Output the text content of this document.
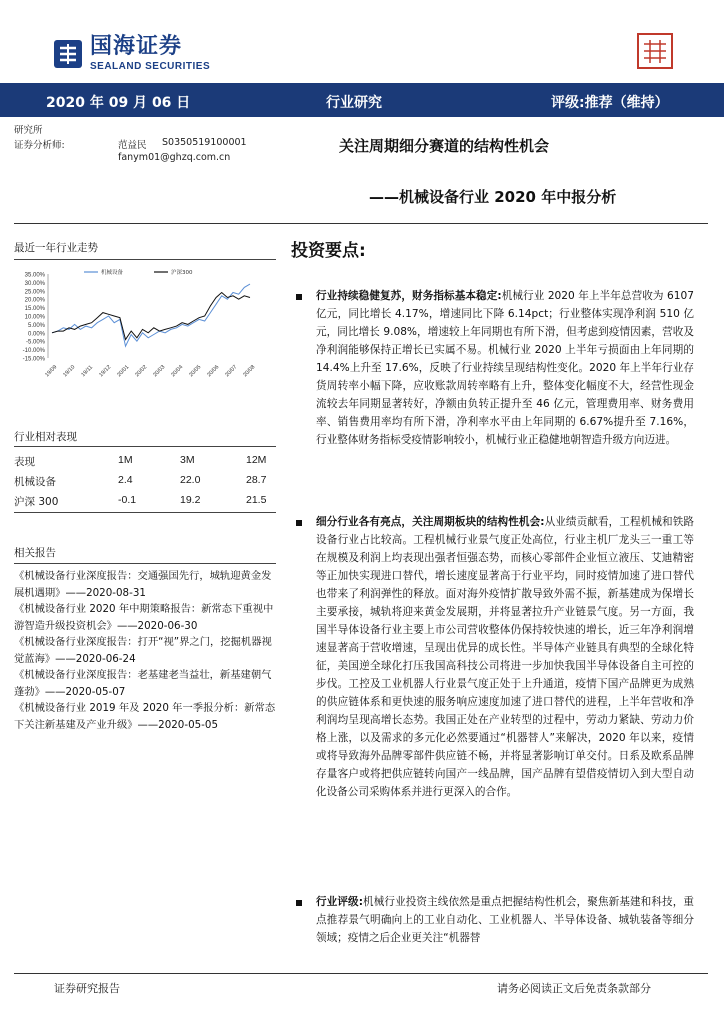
国海证券
SEALAND SECURITIES
2020 年 09 月 06 日	行业研究	评级:推荐（维持）
研究所
证券分析师:	范益民 S0350519100001
fanym01@ghzq.com.cn
关注周期细分赛道的结构性机会
——机械设备行业 2020 年中报分析
最近一年行业走势
35.00%
30.00%
25.00%
20.00%
15.00%
10.00%
5.00%
0.00%
-5.00%
-10.00%
-15.00%
19/09 19/10 19/11 19/12 20/01 20/02 20/03 20/04 20/05 20/06 20/07 20/08
机械设备	沪深300
行业相对表现
表现	1M	3M	12M
机械设备	2.4	22.0	28.7
沪深 300	-0.1	19.2	21.5
相关报告
《机械设备行业深度报告：交通强国先行，城轨迎黄金发展机遇期》——2020-08-31
《机械设备行业 2020 年中期策略报告：新常态下重视中游智造升级投资机会》——2020-06-30
《机械设备行业深度报告：打开“视”界之门，挖掘机器视觉蓝海》——2020-06-24
《机械设备行业深度报告：老基建老当益壮，新基建朝气蓬勃》——2020-05-07
《机械设备行业 2019 年及 2020 年一季报分析：新常态下关注新基建及产业升级》——2020-05-05
投资要点:
行业持续稳健复苏，财务指标基本稳定:机械行业 2020 年上半年总营收为 6107 亿元，同比增长 4.17%，增速同比下降 6.14pct；行业整体实现净利润 510 亿元，同比增长 9.08%，增速较上年同期也有所下滑，但考虑到疫情因素，营收及净利润能够保持正增长已实属不易。机械行业 2020 上半年亏损面由上年同期的 14.4%上升至 17.6%，反映了行业持续呈现结构性变化。2020 年上半年行业存货周转率小幅下降，应收账款周转率略有上升，整体变化幅度不大，经营性现金流较去年同期显著转好，净额由负转正提升至 46 亿元，管理费用率、财务费用率、销售费用率均有所下滑，净利率水平由上年同期的 6.67%提升至 7.16%，行业整体财务指标受疫情影响较小，机械行业正稳健地朝智造升级方向迈进。
细分行业各有亮点，关注周期板块的结构性机会:从业绩贡献看，工程机械和铁路设备行业占比较高。工程机械行业景气度正处高位，行业主机厂龙头三一重工等在规模及利润上均表现出强者恒强态势，而核心零部件企业恒立液压、艾迪精密等正加快实现进口替代，增长速度显著高于行业平均，同时疫情加速了进口替代也带来了利润弹性的释放。面对海外疫情扩散导致外需不振，新基建成为保增长主要承接，城轨将迎来黄金发展期，并将显著拉升产业链景气度。另一方面，我国半导体设备行业主要上市公司营收整体仍保持较快速的增长，近三年净利润增速显著高于营收增速，呈现出优异的成长性。半导体产业链具有典型的全球化特征，美国逆全球化打压我国高科技公司将进一步加快我国半导体设备自主可控的步伐。工控及工业机器人行业景气度正处于上升通道，疫情下国产品牌更为成熟的供应链体系和更快速的服务响应速度加速了进口替代的进程，上半年营收和净利润均呈现高增长态势。我国正处在产业转型的过程中，劳动力紧缺、劳动力价格上涨，以及需求的多元化必然要通过“机器替人”来解决，2020 年以来，疫情或将导致海外品牌零部件供应链不畅，并将显著影响订单交付。日系及欧系品牌存量客户或将把供应链转向国产一线品牌，国产品牌有望借疫情切入到大型自动化设备公司采购体系并进行更深入的合作。
行业评级:机械行业投资主线依然是重点把握结构性机会，聚焦新基建和科技，重点推荐景气明确向上的工业自动化、工业机器人、半导体设备、城轨装备等细分领域；疫情之后企业更关注“机器替
证券研究报告	请务必阅读正文后免责条款部分
